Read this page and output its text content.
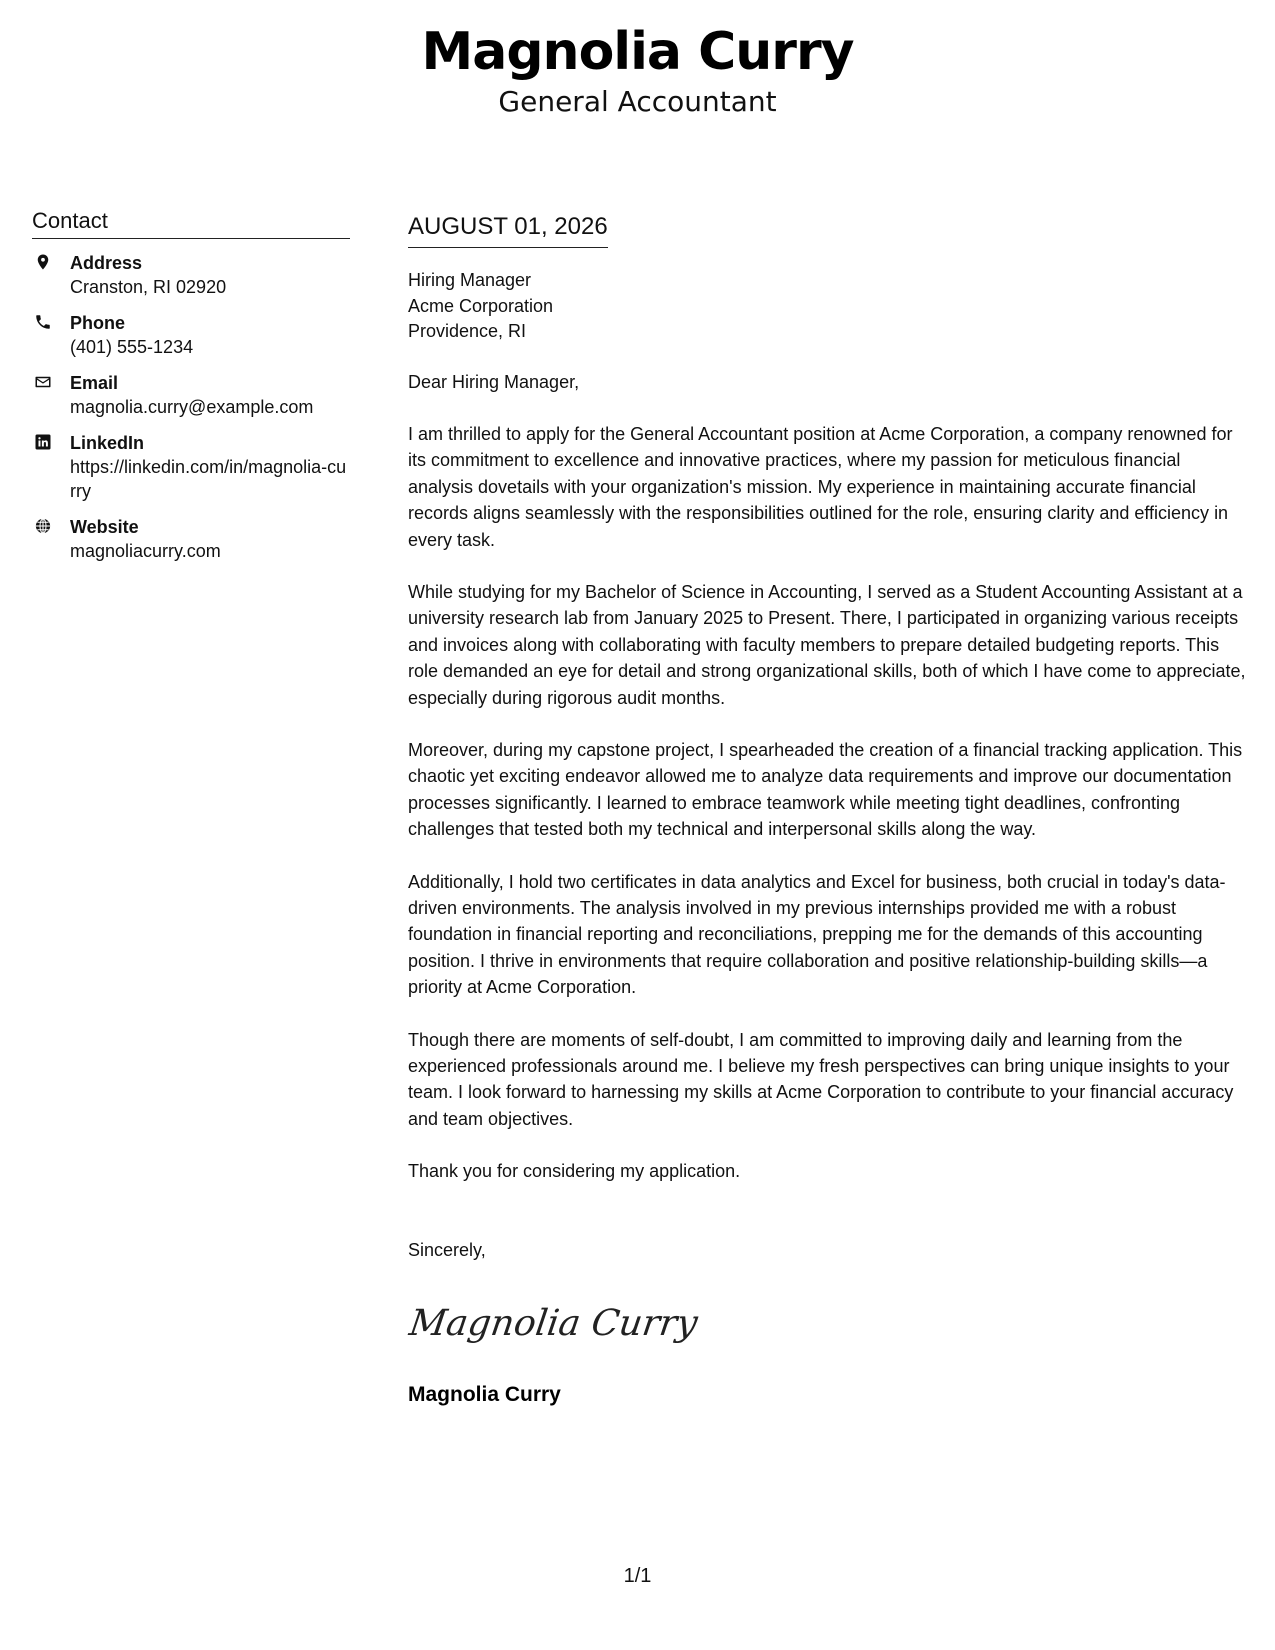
Magnolia Curry
General Accountant
Contact
Address
Cranston, RI 02920
Phone
(401) 555-1234
Email
magnolia.curry@example.com
LinkedIn
https://linkedin.com/in/magnolia-curry
Website
magnoliacurry.com
AUGUST 01, 2026
Hiring Manager
Acme Corporation
Providence, RI
Dear Hiring Manager,

I am thrilled to apply for the General Accountant position at Acme Corporation, a company renowned for its commitment to excellence and innovative practices, where my passion for meticulous financial analysis dovetails with your organization's mission. My experience in maintaining accurate financial records aligns seamlessly with the responsibilities outlined for the role, ensuring clarity and efficiency in every task.

While studying for my Bachelor of Science in Accounting, I served as a Student Accounting Assistant at a university research lab from January 2025 to Present. There, I participated in organizing various receipts and invoices along with collaborating with faculty members to prepare detailed budgeting reports. This role demanded an eye for detail and strong organizational skills, both of which I have come to appreciate, especially during rigorous audit months.

Moreover, during my capstone project, I spearheaded the creation of a financial tracking application. This chaotic yet exciting endeavor allowed me to analyze data requirements and improve our documentation processes significantly. I learned to embrace teamwork while meeting tight deadlines, confronting challenges that tested both my technical and interpersonal skills along the way.

Additionally, I hold two certificates in data analytics and Excel for business, both crucial in today's data-driven environments. The analysis involved in my previous internships provided me with a robust foundation in financial reporting and reconciliations, prepping me for the demands of this accounting position. I thrive in environments that require collaboration and positive relationship-building skills—a priority at Acme Corporation.

Though there are moments of self-doubt, I am committed to improving daily and learning from the experienced professionals around me. I believe my fresh perspectives can bring unique insights to your team. I look forward to harnessing my skills at Acme Corporation to contribute to your financial accuracy and team objectives.

Thank you for considering my application.

Sincerely,
Magnolia Curry
Magnolia Curry
1/1
